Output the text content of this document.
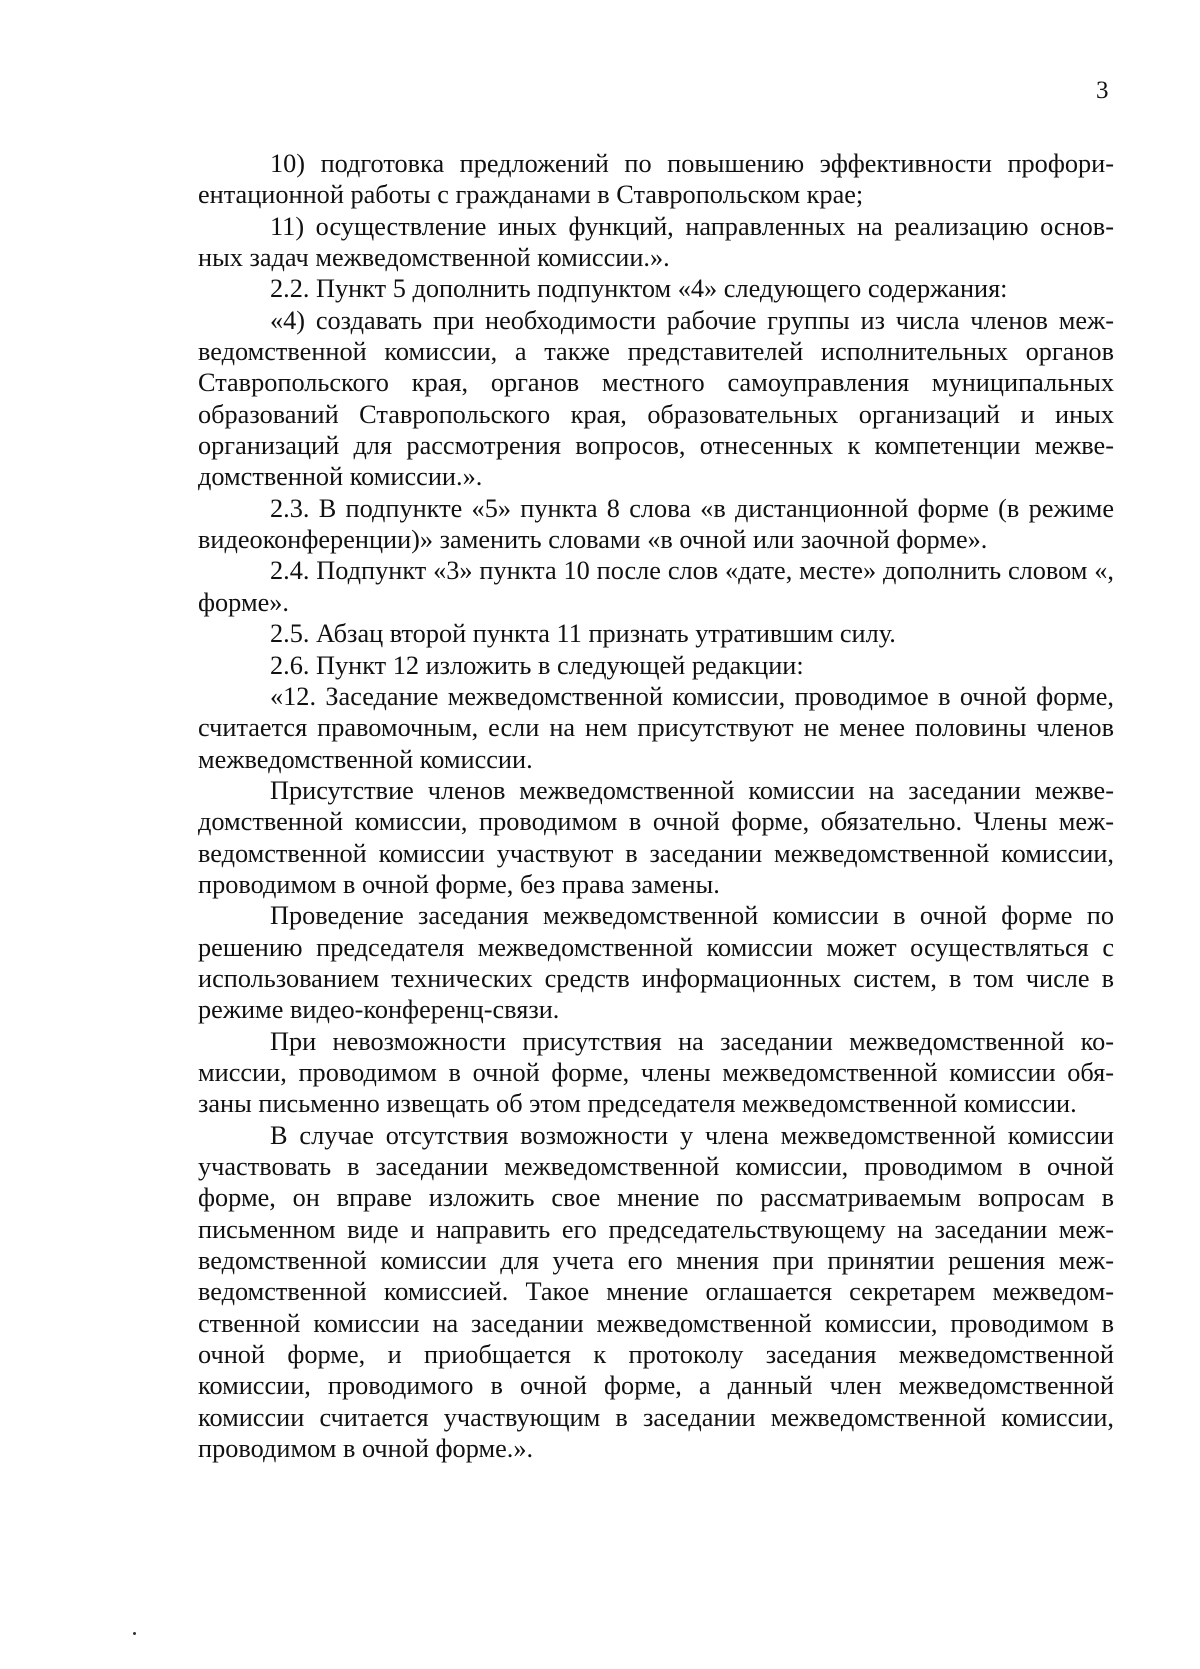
3

10) подготовка предложений по повышению эффективности профориентационной работы с гражданами в Ставропольском крае;

11) осуществление иных функций, направленных на реализацию основных задач межведомственной комиссии.».

2.2. Пункт 5 дополнить подпунктом «4» следующего содержания:

«4) создавать при необходимости рабочие группы из числа членов межведомственной комиссии, а также представителей исполнительных органов Ставропольского края, органов местного самоуправления муниципальных образований Ставропольского края, образовательных организаций и иных организаций для рассмотрения вопросов, отнесенных к компетенции межведомственной комиссии.».

2.3. В подпункте «5» пункта 8 слова «в дистанционной форме (в режиме видеоконференции)» заменить словами «в очной или заочной форме».

2.4. Подпункт «3» пункта 10 после слов «дате, месте» дополнить словом «, форме».

2.5. Абзац второй пункта 11 признать утратившим силу.

2.6. Пункт 12 изложить в следующей редакции:

«12. Заседание межведомственной комиссии, проводимое в очной форме, считается правомочным, если на нем присутствуют не менее половины членов межведомственной комиссии.

Присутствие членов межведомственной комиссии на заседании межведомственной комиссии, проводимом в очной форме, обязательно. Члены межведомственной комиссии участвуют в заседании межведомственной комиссии, проводимом в очной форме, без права замены.

Проведение заседания межведомственной комиссии в очной форме по решению председателя межведомственной комиссии может осуществляться с использованием технических средств информационных систем, в том числе в режиме видео-конференц-связи.

При невозможности присутствия на заседании межведомственной комиссии, проводимом в очной форме, члены межведомственной комиссии обязаны письменно извещать об этом председателя межведомственной комиссии.

В случае отсутствия возможности у члена межведомственной комиссии участвовать в заседании межведомственной комиссии, проводимом в очной форме, он вправе изложить свое мнение по рассматриваемым вопросам в письменном виде и направить его председательствующему на заседании межведомственной комиссии для учета его мнения при принятии решения межведомственной комиссией. Такое мнение оглашается секретарем межведомственной комиссии на заседании межведомственной комиссии, проводимом в очной форме, и приобщается к протоколу заседания межведомственной комиссии, проводимого в очной форме, а данный член межведомственной комиссии считается участвующим в заседании межведомственной комиссии, проводимом в очной форме.».
